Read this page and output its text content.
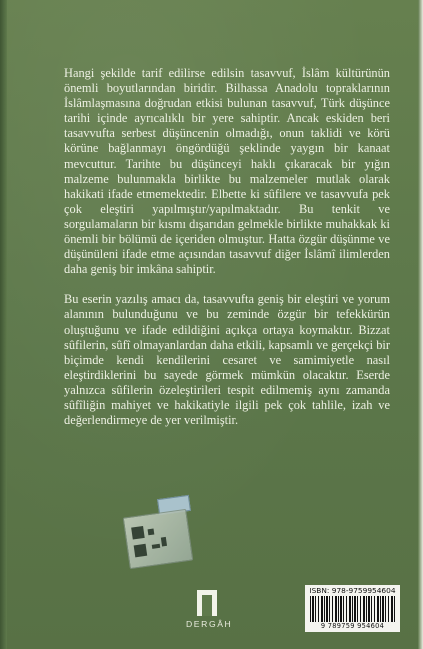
Hangi şekilde tarif edilirse edilsin tasavvuf, İslâm kültürünün önemli boyutlarından biridir. Bilhassa Anadolu topraklarının İslâmlaşmasına doğrudan etkisi bulunan tasavvuf, Türk düşünce tarihi içinde ayrıcalıklı bir yere sahiptir. Ancak eskiden beri tasavvufta serbest düşüncenin olmadığı, onun taklidi ve körü körüne bağlanmayı öngördüğü şeklinde yaygın bir kanaat mevcuttur. Tarihte bu düşünceyi haklı çıkaracak bir yığın malzeme bulunmakla birlikte bu malzemeler mutlak olarak hakikati ifade etmemektedir. Elbette ki sûfilere ve tasavvufa pek çok eleştiri yapılmıştır/yapılmaktadır. Bu tenkit ve sorgulamaların bir kısmı dışarıdan gelmekle birlikte muhakkak ki önemli bir bölümü de içeriden olmuştur. Hatta özgür düşünme ve düşünüleni ifade etme açısından tasavvuf diğer İslâmî ilimlerden daha geniş bir imkâna sahiptir.

Bu eserin yazılış amacı da, tasavvufta geniş bir eleştiri ve yorum alanının bulunduğunu ve bu zeminde özgür bir tefekkürün oluştuğunu ve ifade edildiğini açıkça ortaya koymaktır. Bizzat sûfilerin, sûfî olmayanlardan daha etkili, kapsamlı ve gerçekçi bir biçimde kendi kendilerini cesaret ve samimiyetle nasıl eleştirdiklerini bu sayede görmek mümkün olacaktır. Eserde yalnızca sûfilerin özeleştirileri tespit edilmemiş aynı zamanda sûfîliğin mahiyet ve hakikatiyle ilgili pek çok tahlile, izah ve değerlendirmeye de yer verilmiştir.

DERGÂH
ISBN: 978-9759954604
9 789759 954604
